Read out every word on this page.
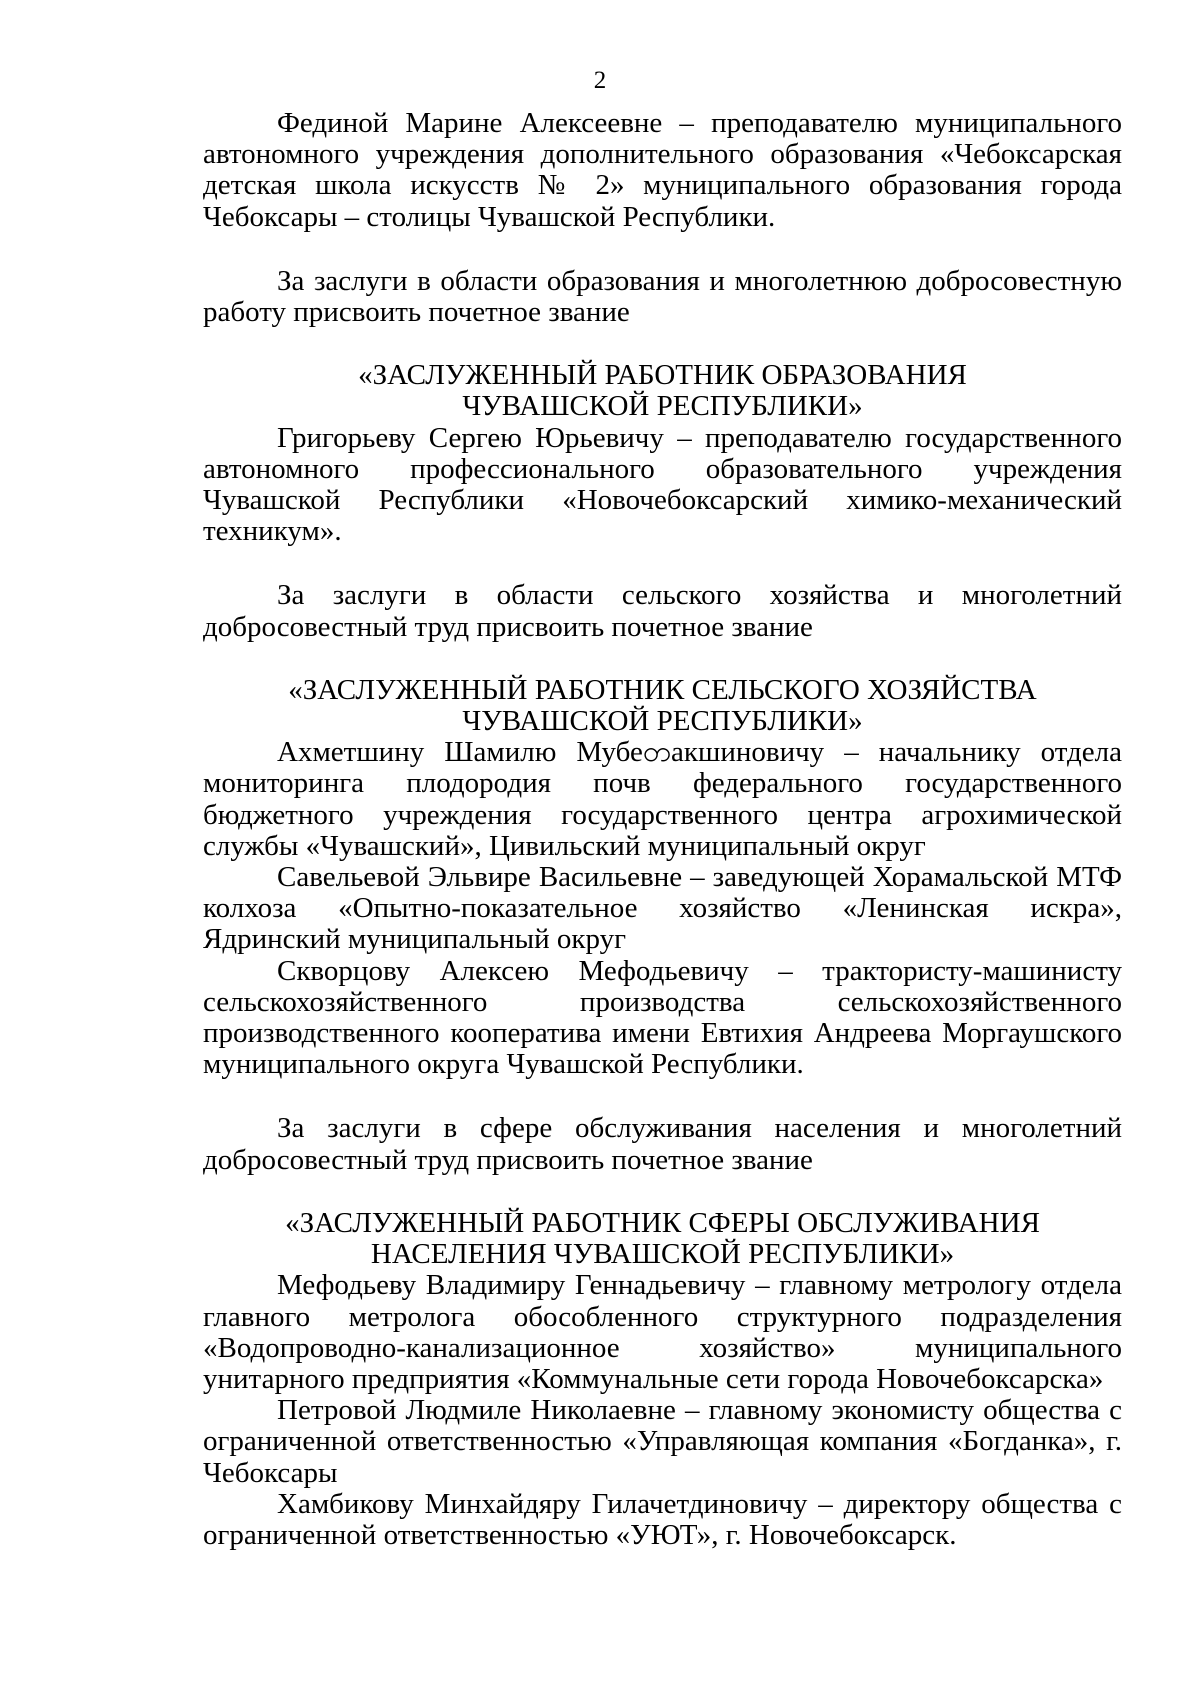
2

Фединой Марине Алексеевне – преподавателю муниципального автономного учреждения дополнительного образования «Чебоксарская детская школа искусств № 2» муниципального образования города Чебоксары – столицы Чувашской Республики.

За заслуги в области образования и многолетнюю добросовестную работу присвоить почетное звание

«ЗАСЛУЖЕННЫЙ РАБОТНИК ОБРАЗОВАНИЯ
ЧУВАШСКОЙ РЕСПУБЛИКИ»

Григорьеву Сергею Юрьевичу – преподавателю государственного автономного профессионального образовательного учреждения Чувашской Республики «Новочебоксарский химико-механический техникум».

За заслуги в области сельского хозяйства и многолетний добросовестный труд присвоить почетное звание

«ЗАСЛУЖЕННЫЙ РАБОТНИК СЕЛЬСКОГО ХОЗЯЙСТВА
ЧУВАШСКОЙ РЕСПУБЛИКИ»

Ахметшину Шамилю Мубеတакшиновичу – начальнику отдела мониторинга плодородия почв федерального государственного бюджетного учреждения государственного центра агрохимической службы «Чувашский», Цивильский муниципальный округ

Савельевой Эльвире Васильевне – заведующей Хорамальской МТФ колхоза «Опытно-показательное хозяйство «Ленинская искра», Ядринский муниципальный округ

Скворцову Алексею Мефодьевичу – трактористу-машинисту сельскохозяйственного производства сельскохозяйственного производственного кооператива имени Евтихия Андреева Моргаушского муниципального округа Чувашской Республики.

За заслуги в сфере обслуживания населения и многолетний добросовестный труд присвоить почетное звание

«ЗАСЛУЖЕННЫЙ РАБОТНИК СФЕРЫ ОБСЛУЖИВАНИЯ
НАСЕЛЕНИЯ ЧУВАШСКОЙ РЕСПУБЛИКИ»

Мефодьеву Владимиру Геннадьевичу – главному метрологу отдела главного метролога обособленного структурного подразделения «Водопроводно-канализационное хозяйство» муниципального унитарного предприятия «Коммунальные сети города Новочебоксарска»

Петровой Людмиле Николаевне – главному экономисту общества с ограниченной ответственностью «Управляющая компания «Богданка», г. Чебоксары

Хамбикову Минхайдяру Гилачетдиновичу – директору общества с ограниченной ответственностью «УЮТ», г. Новочебоксарск.
